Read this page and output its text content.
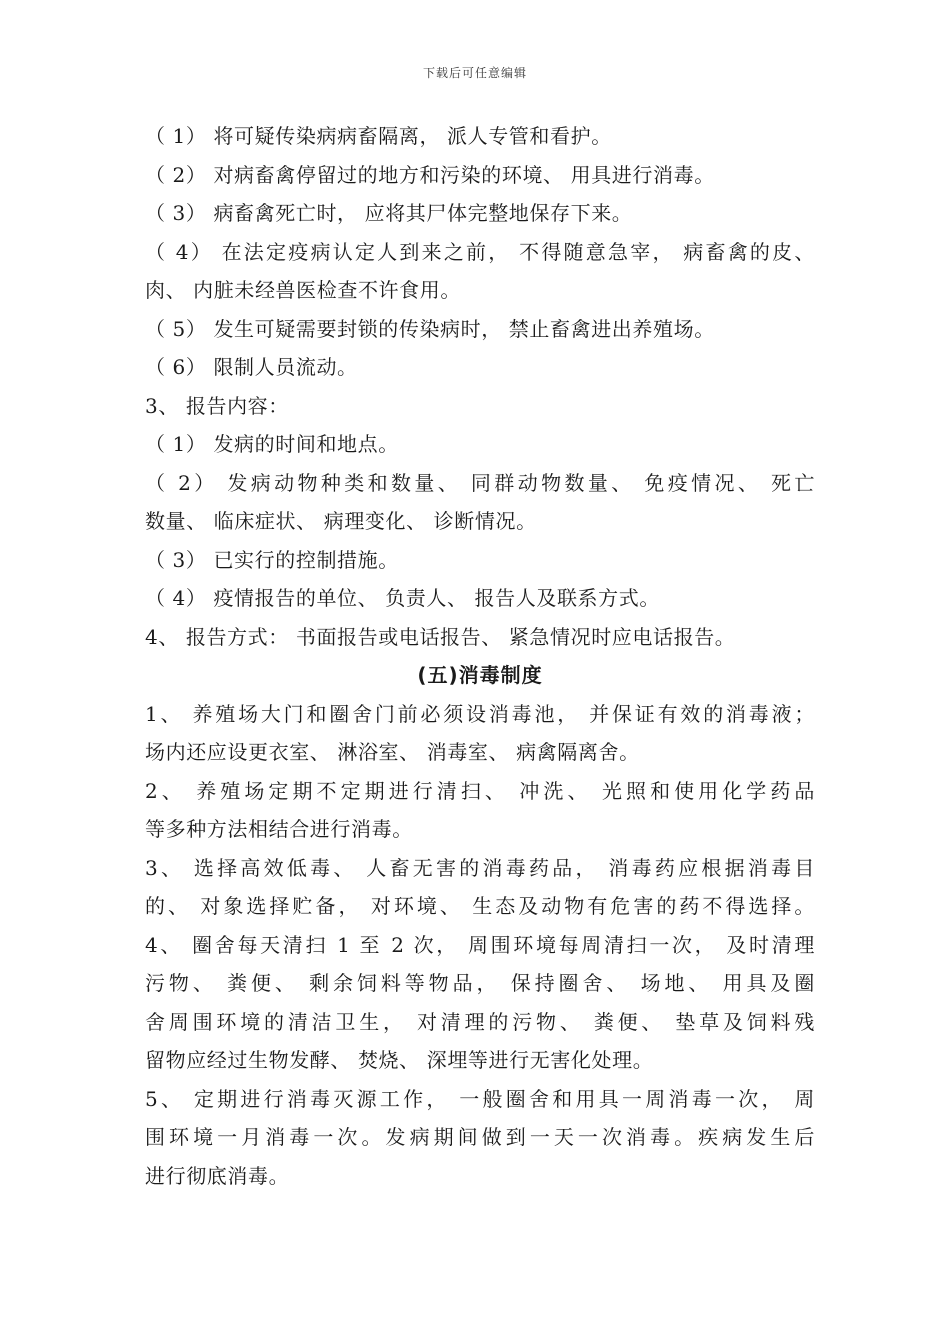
下载后可任意编辑
（ 1） 将可疑传染病病畜隔离， 派人专管和看护。
（ 2） 对病畜禽停留过的地方和污染的环境、 用具进行消毒。
（ 3） 病畜禽死亡时， 应将其尸体完整地保存下来。
（ 4） 在法定疫病认定人到来之前， 不得随意急宰， 病畜禽的皮、
肉、 内脏未经兽医检查不许食用。
（ 5） 发生可疑需要封锁的传染病时， 禁止畜禽进出养殖场。
（ 6） 限制人员流动。
3、 报告内容：
（ 1） 发病的时间和地点。
（ 2） 发病动物种类和数量、 同群动物数量、 免疫情况、 死亡
数量、 临床症状、 病理变化、 诊断情况。
（ 3） 已实行的控制措施。
（ 4） 疫情报告的单位、 负责人、 报告人及联系方式。
4、 报告方式： 书面报告或电话报告、 紧急情况时应电话报告。
(五)消毒制度
1、 养殖场大门和圈舍门前必须设消毒池， 并保证有效的消毒液；
场内还应设更衣室、 淋浴室、 消毒室、 病禽隔离舍。
2、 养殖场定期不定期进行清扫、 冲洗、 光照和使用化学药品
等多种方法相结合进行消毒。
3、 选择高效低毒、 人畜无害的消毒药品， 消毒药应根据消毒目
的、 对象选择贮备， 对环境、 生态及动物有危害的药不得选择。
4、 圈舍每天清扫 1 至 2 次， 周围环境每周清扫一次， 及时清理
污物、 粪便、 剩余饲料等物品， 保持圈舍、 场地、 用具及圈
舍周围环境的清洁卫生， 对清理的污物、 粪便、 垫草及饲料残
留物应经过生物发酵、 焚烧、 深埋等进行无害化处理。
5、 定期进行消毒灭源工作， 一般圈舍和用具一周消毒一次， 周
围环境一月消毒一次。发病期间做到一天一次消毒。疾病发生后
进行彻底消毒。
